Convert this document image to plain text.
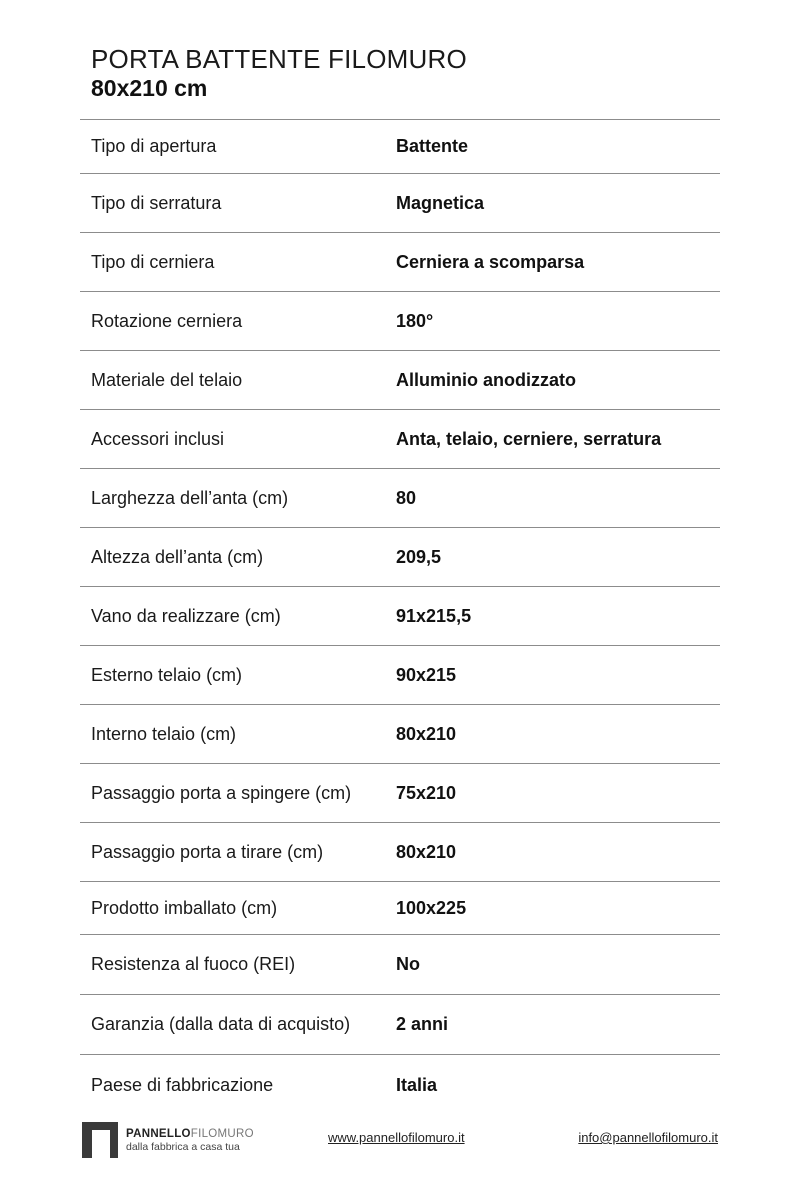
PORTA BATTENTE FILOMURO
80x210 cm
Tipo di apertura	Battente
Tipo di serratura	Magnetica
Tipo di cerniera	Cerniera a scomparsa
Rotazione cerniera	180°
Materiale del telaio	Alluminio anodizzato
Accessori inclusi	Anta, telaio, cerniere, serratura
Larghezza dell’anta (cm)	80
Altezza dell’anta (cm)	209,5
Vano da realizzare (cm)	91x215,5
Esterno telaio (cm)	90x215
Interno telaio (cm)	80x210
Passaggio porta a spingere (cm) 75x210
Passaggio porta a tirare (cm)	80x210
Prodotto imballato (cm)	100x225
Resistenza al fuoco (REI)	No
Garanzia (dalla data di acquisto)	2 anni
Paese di fabbricazione	Italia
PANNELLOFILOMURO
dalla fabbrica a casa tua
www.pannellofilomuro.it	info@pannellofilomuro.it
